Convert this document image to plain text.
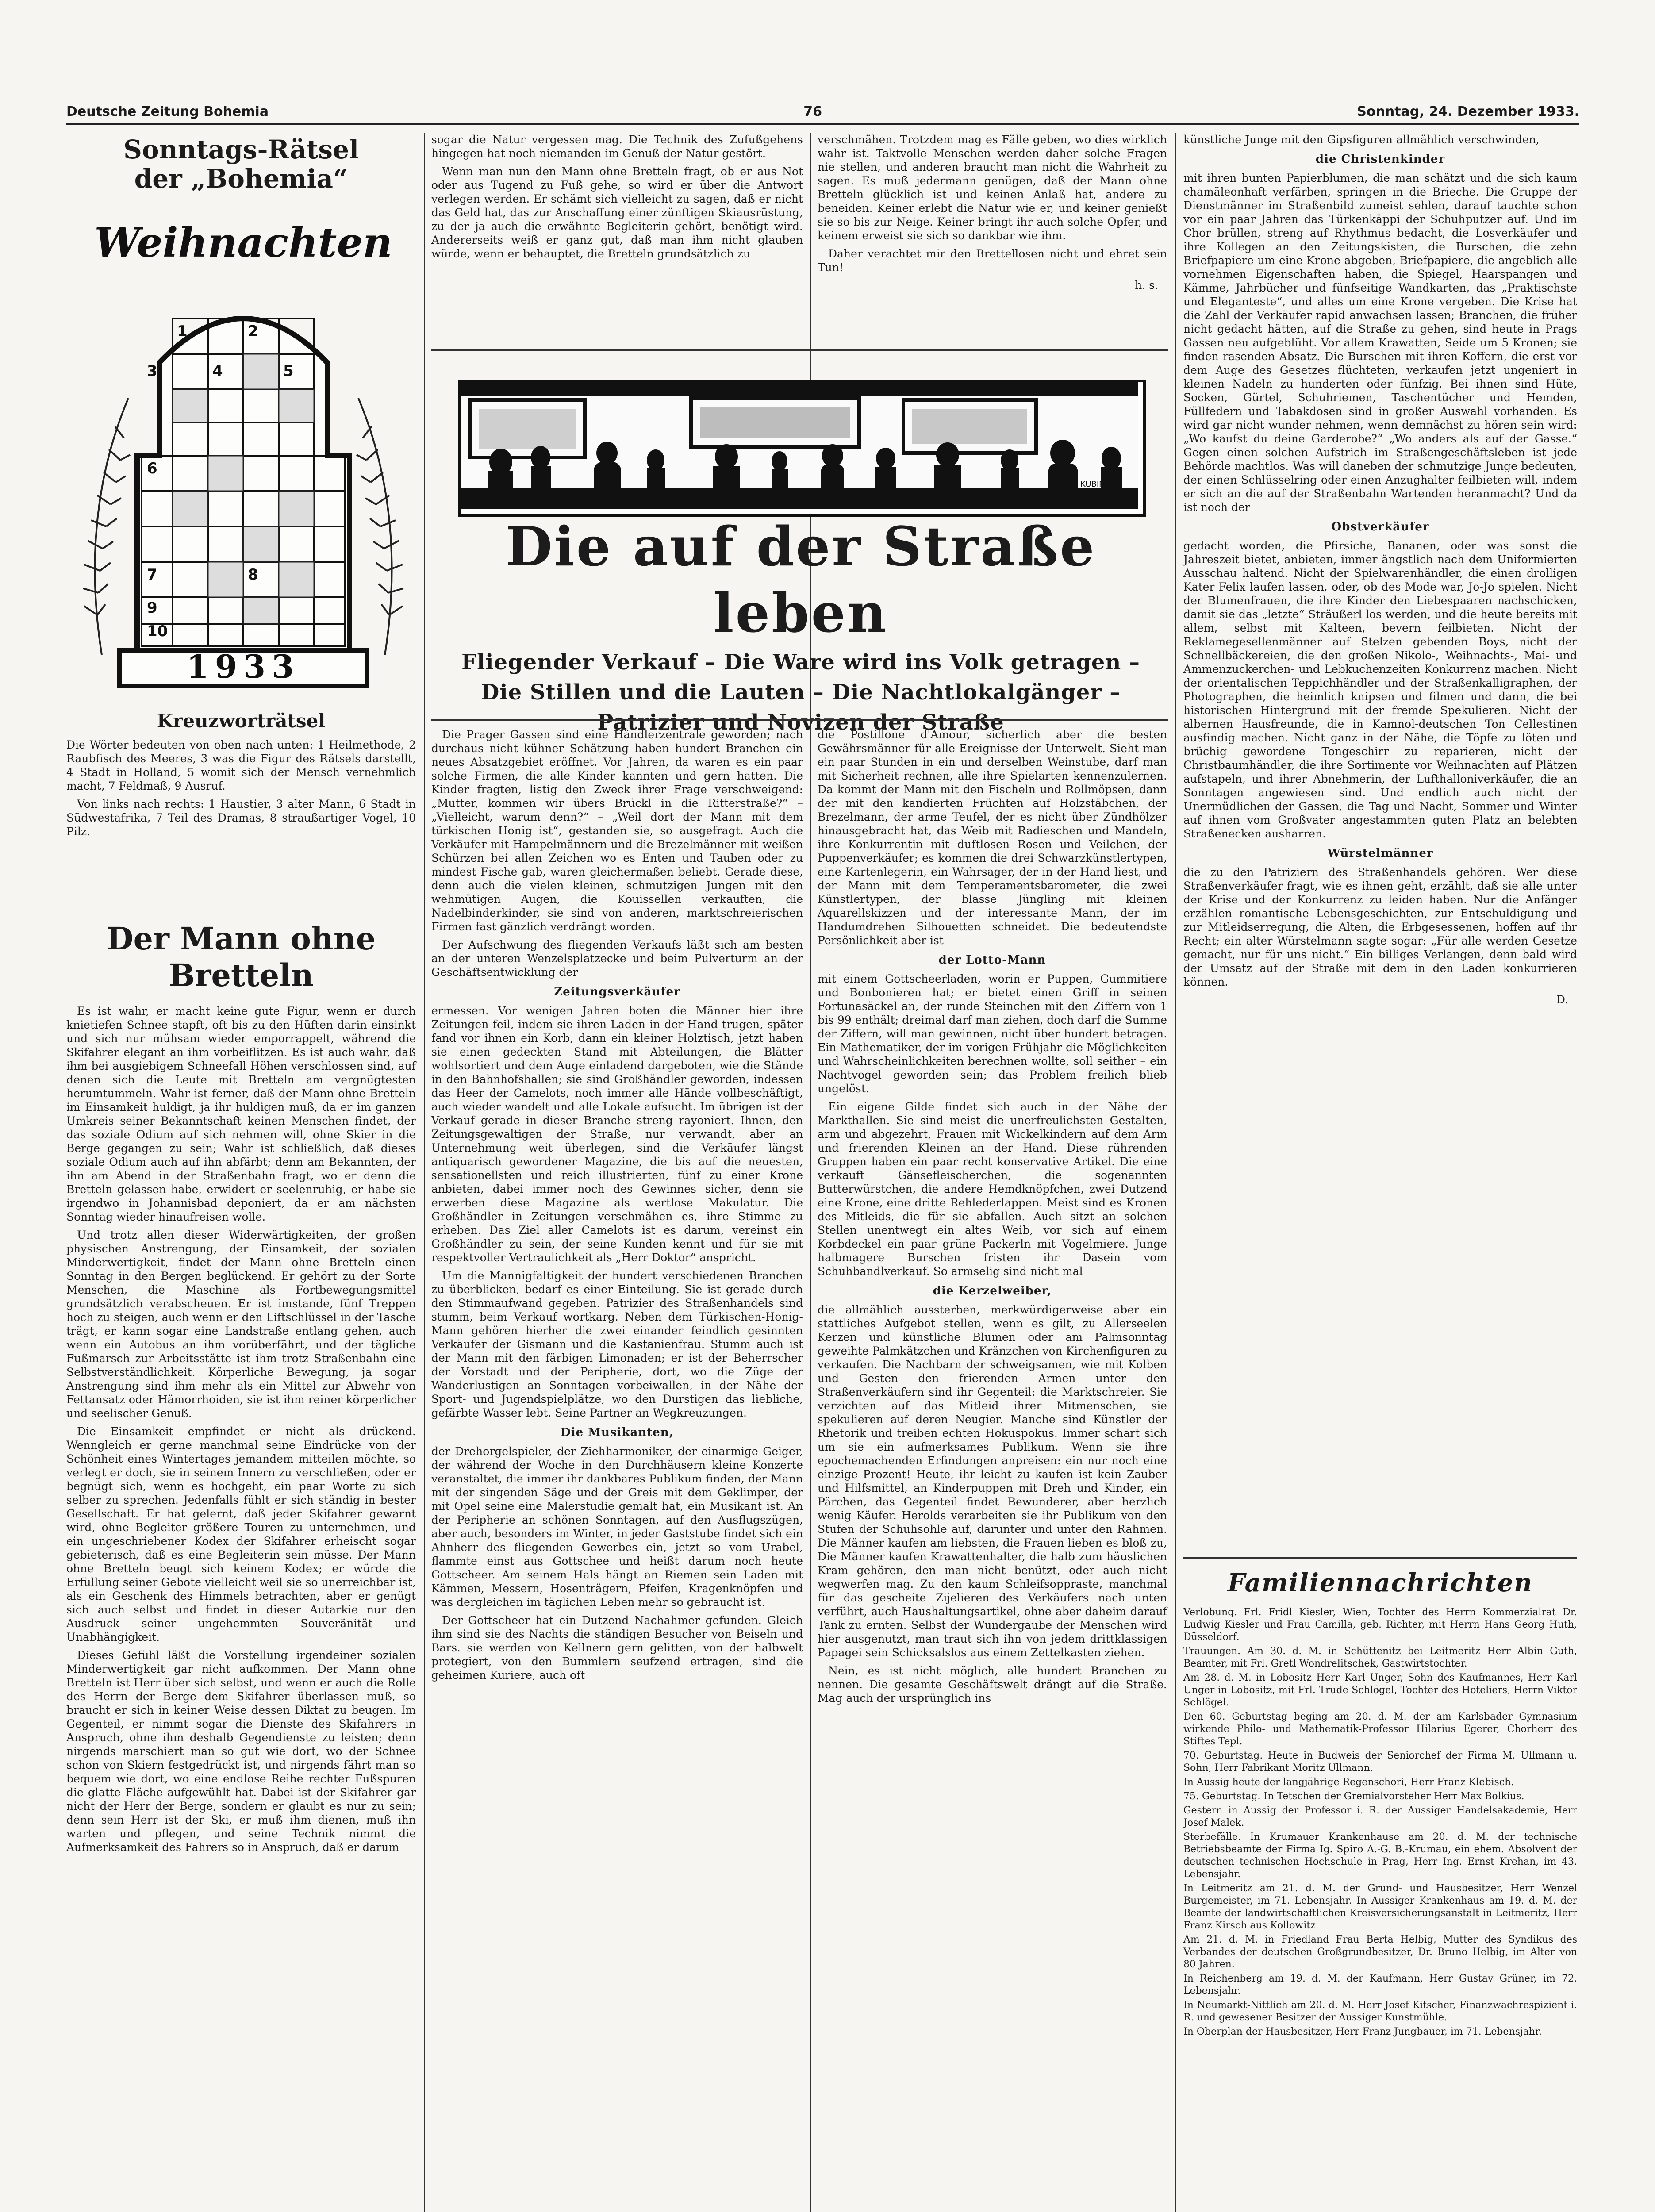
Deutsche Zeitung Bohemia	76	Sonntag, 24. Dezember 1933.

Sonntags-Rätsel

der „Bohemia“

Weihnachten
1	2
3	4	5
6
7	8
9
10
1933

Kreuzworträtsel

Die Wörter bedeuten von oben nach unten: 1 Heilmethode, 2 Raubfisch des Meeres, 3 was die Figur des Rätsels darstellt, 4 Stadt in Holland, 5 womit sich der Mensch vernehmlich macht, 7 Feldmaß, 9 Ausruf.

Von links nach rechts: 1 Haustier, 3 alter Mann, 6 Stadt in Südwestafrika, 7 Teil des Dramas, 8 straußartiger Vogel, 10 Pilz.

Der Mann ohne Bretteln

Es ist wahr, er macht keine gute Figur, wenn er durch knietiefen Schnee stapft, oft bis zu den Hüften darin einsinkt und sich nur mühsam wieder emporrappelt, während die Skifahrer elegant an ihm vorbeiflitzen. Es ist auch wahr, daß ihm bei ausgiebigem Schneefall Höhen verschlossen sind, auf denen sich die Leute mit Bretteln am vergnügtesten herumtummeln. Wahr ist ferner, daß der Mann ohne Bretteln im Einsamkeit huldigt, ja ihr huldigen muß, da er im ganzen Umkreis seiner Bekanntschaft keinen Menschen findet, der das soziale Odium auf sich nehmen will, ohne Skier in die Berge gegangen zu sein; Wahr ist schließlich, daß dieses soziale Odium auch auf ihn abfärbt; denn am Bekannten, der ihn am Abend in der Straßenbahn fragt, wo er denn die Bretteln gelassen habe, erwidert er seelenruhig, er habe sie irgendwo in Johannisbad deponiert, da er am nächsten Sonntag wieder hinaufreisen wolle.

Und trotz allen dieser Widerwärtigkeiten, der großen physischen Anstrengung, der Einsamkeit, der sozialen Minderwertigkeit, findet der Mann ohne Bretteln einen Sonntag in den Bergen beglückend. Er gehört zu der Sorte Menschen, die Maschine als Fortbewegungsmittel grundsätzlich verabscheuen. Er ist imstande, fünf Treppen hoch zu steigen, auch wenn er den Liftschlüssel in der Tasche trägt, er kann sogar eine Landstraße entlang gehen, auch wenn ein Autobus an ihm vorüberfährt, und der tägliche Fußmarsch zur Arbeitsstätte ist ihm trotz Straßenbahn eine Selbstverständlichkeit. Körperliche Bewegung, ja sogar Anstrengung sind ihm mehr als ein Mittel zur Abwehr von Fettansatz oder Hämorrhoiden, sie ist ihm reiner körperlicher und seelischer Genuß.

Die Einsamkeit empfindet er nicht als drückend. Wenngleich er gerne manchmal seine Eindrücke von der Schönheit eines Wintertages jemandem mitteilen möchte, so verlegt er doch, sie in seinem Innern zu verschließen, oder er begnügt sich, wenn es hochgeht, ein paar Worte zu sich selber zu sprechen. Jedenfalls fühlt er sich ständig in bester Gesellschaft. Er hat gelernt, daß jeder Skifahrer gewarnt wird, ohne Begleiter größere Touren zu unternehmen, und ein ungeschriebener Kodex der Skifahrer erheischt sogar gebieterisch, daß es eine Begleiterin sein müsse. Der Mann ohne Bretteln beugt sich keinem Kodex; er würde die Erfüllung seiner Gebote vielleicht weil sie so unerreichbar ist, als ein Geschenk des Himmels betrachten, aber er genügt sich auch selbst und findet in dieser Autarkie nur den Ausdruck seiner ungehemmten Souveränität und Unabhängigkeit.

Dieses Gefühl läßt die Vorstellung irgendeiner sozialen Minderwertigkeit gar nicht aufkommen. Der Mann ohne Bretteln ist Herr über sich selbst, und wenn er auch die Rolle des Herrn der Berge dem Skifahrer überlassen muß, so braucht er sich in keiner Weise dessen Diktat zu beugen. Im Gegenteil, er nimmt sogar die Dienste des Skifahrers in Anspruch, ohne ihm deshalb Gegendienste zu leisten; denn nirgends marschiert man so gut wie dort, wo der Schnee schon von Skiern festgedrückt ist, und nirgends fährt man so bequem wie dort, wo eine endlose Reihe rechter Fußspuren die glatte Fläche aufgewühlt hat. Dabei ist der Skifahrer gar nicht der Herr der Berge, sondern er glaubt es nur zu sein; denn sein Herr ist der Ski, er muß ihm dienen, muß ihn warten und pflegen, und seine Technik nimmt die Aufmerksamkeit des Fahrers so in Anspruch, daß er darum

sogar die Natur vergessen mag. Die Technik des Zufußgehens hingegen hat noch niemanden im Genuß der Natur gestört.

Wenn man nun den Mann ohne Bretteln fragt, ob er aus Not oder aus Tugend zu Fuß gehe, so wird er über die Antwort verlegen werden. Er schämt sich vielleicht zu sagen, daß er nicht das Geld hat, das zur Anschaffung einer zünftigen Skiausrüstung, zu der ja auch die erwähnte Begleiterin gehört, benötigt wird. Andererseits weiß er ganz gut, daß man ihm nicht glauben würde, wenn er behauptet, die Bretteln grundsätzlich zu

verschmähen. Trotzdem mag es Fälle geben, wo dies wirklich wahr ist. Taktvolle Menschen werden daher solche Fragen nie stellen, und anderen braucht man nicht die Wahrheit zu sagen. Es muß jedermann genügen, daß der Mann ohne Bretteln glücklich ist und keinen Anlaß hat, andere zu beneiden. Keiner erlebt die Natur wie er, und keiner genießt sie so bis zur Neige. Keiner bringt ihr auch solche Opfer, und keinem erweist sie sich so dankbar wie ihm.

Daher verachtet mir den Brettellosen nicht und ehret sein Tun!

h. s.

KUBIN

Die auf der Straße leben

Fliegender Verkauf – Die Ware wird ins Volk getragen –

Die Stillen und die Lauten – Die Nachtlokalgänger –

Patrizier und Novizen der Straße

Die Prager Gassen sind eine Händlerzentrale geworden; nach durchaus nicht kühner Schätzung haben hundert Branchen ein neues Absatzgebiet eröffnet. Vor Jahren, da waren es ein paar solche Firmen, die alle Kinder kannten und gern hatten. Die Kinder fragten, listig den Zweck ihrer Frage verschweigend: „Mutter, kommen wir übers Brückl in die Ritterstraße?“ – „Vielleicht, warum denn?“ – „Weil dort der Mann mit dem türkischen Honig ist“, gestanden sie, so ausgefragt. Auch die Verkäufer mit Hampelmännern und die Brezelmänner mit weißen Schürzen bei allen Zeichen wo es Enten und Tauben oder zu mindest Fische gab, waren gleichermaßen beliebt. Gerade diese, denn auch die vielen kleinen, schmutzigen Jungen mit den wehmütigen Augen, die Kouissellen verkauften, die Nadelbinderkinder, sie sind von anderen, marktschreierischen Firmen fast gänzlich verdrängt worden.

Der Aufschwung des fliegenden Verkaufs läßt sich am besten an der unteren Wenzelsplatzecke und beim Pulverturm an der Geschäftsentwicklung der

Zeitungsverkäufer

ermessen. Vor wenigen Jahren boten die Männer hier ihre Zeitungen feil, indem sie ihren Laden in der Hand trugen, später fand vor ihnen ein Korb, dann ein kleiner Holztisch, jetzt haben sie einen gedeckten Stand mit Abteilungen, die Blätter wohlsortiert und dem Auge einladend dargeboten, wie die Stände in den Bahnhofshallen; sie sind Großhändler geworden, indessen das Heer der Camelots, noch immer alle Hände vollbeschäftigt, auch wieder wandelt und alle Lokale aufsucht. Im übrigen ist der Verkauf gerade in dieser Branche streng rayoniert. Ihnen, den Zeitungsgewaltigen der Straße, nur verwandt, aber an Unternehmung weit überlegen, sind die Verkäufer längst antiquarisch gewordener Magazine, die bis auf die neuesten, sensationellsten und reich illustrierten, fünf zu einer Krone anbieten, dabei immer noch des Gewinnes sicher, denn sie erwerben diese Magazine als wertlose Makulatur. Die Großhändler in Zeitungen verschmähen es, ihre Stimme zu erheben. Das Ziel aller Camelots ist es darum, vereinst ein Großhändler zu sein, der seine Kunden kennt und für sie mit respektvoller Vertraulichkeit als „Herr Doktor“ anspricht.

Um die Mannigfaltigkeit der hundert verschiedenen Branchen zu überblicken, bedarf es einer Einteilung. Sie ist gerade durch den Stimmaufwand gegeben. Patrizier des Straßenhandels sind stumm, beim Verkauf wortkarg. Neben dem Türkischen-Honig-Mann gehören hierher die zwei einander feindlich gesinnten Verkäufer der Gismann und die Kastanienfrau. Stumm auch ist der Mann mit den färbigen Limonaden; er ist der Beherrscher der Vorstadt und der Peripherie, dort, wo die Züge der Wanderlustigen an Sonntagen vorbeiwallen, in der Nähe der Sport- und Jugendspielplätze, wo den Durstigen das liebliche, gefärbte Wasser lebt. Seine Partner an Wegkreuzungen.

Die Musikanten,

der Drehorgelspieler, der Ziehharmoniker, der einarmige Geiger, der während der Woche in den Durchhäusern kleine Konzerte veranstaltet, die immer ihr dankbares Publikum finden, der Mann mit der singenden Säge und der Greis mit dem Geklimper, der mit Opel seine eine Malerstudie gemalt hat, ein Musikant ist. An der Peripherie an schönen Sonntagen, auf den Ausflugszügen, aber auch, besonders im Winter, in jeder Gaststube findet sich ein Ahnherr des fliegenden Gewerbes ein, jetzt so vom Urabel, flammte einst aus Gottschee und heißt darum noch heute Gottscheer. Am seinem Hals hängt an Riemen sein Laden mit Kämmen, Messern, Hosenträgern, Pfeifen, Kragenknöpfen und was dergleichen im täglichen Leben mehr so gebraucht ist.

Der Gottscheer hat ein Dutzend Nachahmer gefunden. Gleich ihm sind sie des Nachts die ständigen Besucher von Beiseln und Bars. sie werden von Kellnern gern gelitten, von der halbwelt protegiert, von den Bummlern seufzend ertragen, sind die geheimen Kuriere, auch oft

die Postillone d'Amour, sicherlich aber die besten Gewährsmänner für alle Ereignisse der Unterwelt. Sieht man ein paar Stunden in ein und derselben Weinstube, darf man mit Sicherheit rechnen, alle ihre Spielarten kennenzulernen. Da kommt der Mann mit den Fischeln und Rollmöpsen, dann der mit den kandierten Früchten auf Holzstäbchen, der Brezelmann, der arme Teufel, der es nicht über Zündhölzer hinausgebracht hat, das Weib mit Radieschen und Mandeln, ihre Konkurrentin mit duftlosen Rosen und Veilchen, der Puppenverkäufer; es kommen die drei Schwarzkünstlertypen, eine Kartenlegerin, ein Wahrsager, der in der Hand liest, und der Mann mit dem Temperamentsbarometer, die zwei Künstlertypen, der blasse Jüngling mit kleinen Aquarellskizzen und der interessante Mann, der im Handumdrehen Silhouetten schneidet. Die bedeutendste Persönlichkeit aber ist

der Lotto-Mann

mit einem Gottscheerladen, worin er Puppen, Gummitiere und Bonbonieren hat; er bietet einen Griff in seinen Fortunasäckel an, der runde Steinchen mit den Ziffern von 1 bis 99 enthält; dreimal darf man ziehen, doch darf die Summe der Ziffern, will man gewinnen, nicht über hundert betragen. Ein Mathematiker, der im vorigen Frühjahr die Möglichkeiten und Wahrscheinlichkeiten berechnen wollte, soll seither – ein Nachtvogel geworden sein; das Problem freilich blieb ungelöst.

Ein eigene Gilde findet sich auch in der Nähe der Markthallen. Sie sind meist die unerfreulichsten Gestalten, arm und abgezehrt, Frauen mit Wickelkindern auf dem Arm und frierenden Kleinen an der Hand. Diese rührenden Gruppen haben ein paar recht konservative Artikel. Die eine verkauft Gänsefleischerchen, die sogenannten Butterwürstchen, die andere Hemdknöpfchen, zwei Dutzend eine Krone, eine dritte Rehlederlappen. Meist sind es Kronen des Mitleids, die für sie abfallen. Auch sitzt an solchen Stellen unentwegt ein altes Weib, vor sich auf einem Korbdeckel ein paar grüne Packerln mit Vogelmiere. Junge halbmagere Burschen fristen ihr Dasein vom Schuhbandlverkauf. So armselig sind nicht mal

die Kerzelweiber,

die allmählich aussterben, merkwürdigerweise aber ein stattliches Aufgebot stellen, wenn es gilt, zu Allerseelen Kerzen und künstliche Blumen oder am Palmsonntag geweihte Palmkätzchen und Kränzchen von Kirchenfiguren zu verkaufen. Die Nachbarn der schweigsamen, wie mit Kolben und Gesten den frierenden Armen unter den Straßenverkäufern sind ihr Gegenteil: die Marktschreier. Sie verzichten auf das Mitleid ihrer Mitmenschen, sie spekulieren auf deren Neugier. Manche sind Künstler der Rhetorik und treiben echten Hokuspokus. Immer schart sich um sie ein aufmerksames Publikum. Wenn sie ihre epochemachenden Erfindungen anpreisen: ein nur noch eine einzige Prozent! Heute, ihr leicht zu kaufen ist kein Zauber und Hilfsmittel, an Kinderpuppen mit Dreh und Kinder, ein Pärchen, das Gegenteil findet Bewunderer, aber herzlich wenig Käufer. Herolds verarbeiten sie ihr Publikum von den Stufen der Schuhsohle auf, darunter und unter den Rahmen. Die Männer kaufen am liebsten, die Frauen lieben es bloß zu, Die Männer kaufen Krawattenhalter, die halb zum häuslichen Kram gehören, den man nicht benützt, oder auch nicht wegwerfen mag. Zu den kaum Schleifsoppraste, manchmal für das gescheite Zijelieren des Verkäufers nach unten verführt, auch Haushaltungsartikel, ohne aber daheim darauf Tank zu ernten. Selbst der Wundergaube der Menschen wird hier ausgenutzt, man traut sich ihn von jedem drittklassigen Papagei sein Schicksalslos aus einem Zettelkasten ziehen.

Nein, es ist nicht möglich, alle hundert Branchen zu nennen. Die gesamte Geschäftswelt drängt auf die Straße. Mag auch der ursprünglich ins

künstliche Junge mit den Gipsfiguren allmählich verschwinden,

die Christenkinder

mit ihren bunten Papierblumen, die man schätzt und die sich kaum chamäleonhaft verfärben, springen in die Brieche. Die Gruppe der Dienstmänner im Straßenbild zumeist sehlen, darauf tauchte schon vor ein paar Jahren das Türkenkäppi der Schuhputzer auf. Und im Chor brüllen, streng auf Rhythmus bedacht, die Losverkäufer und ihre Kollegen an den Zeitungskisten, die Burschen, die zehn Briefpapiere um eine Krone abgeben, Briefpapiere, die angeblich alle vornehmen Eigenschaften haben, die Spiegel, Haarspangen und Kämme, Jahrbücher und fünfseitige Wandkarten, das „Praktischste und Eleganteste“, und alles um eine Krone vergeben. Die Krise hat die Zahl der Verkäufer rapid anwachsen lassen; Branchen, die früher nicht gedacht hätten, auf die Straße zu gehen, sind heute in Prags Gassen neu aufgeblüht. Vor allem Krawatten, Seide um 5 Kronen; sie finden rasenden Absatz. Die Burschen mit ihren Koffern, die erst vor dem Auge des Gesetzes flüchteten, verkaufen jetzt ungeniert in kleinen Nadeln zu hunderten oder fünfzig. Bei ihnen sind Hüte, Socken, Gürtel, Schuhriemen, Taschentücher und Hemden, Füllfedern und Tabakdosen sind in großer Auswahl vorhanden. Es wird gar nicht wunder nehmen, wenn demnächst zu hören sein wird: „Wo kaufst du deine Garderobe?“ „Wo anders als auf der Gasse.“ Gegen einen solchen Aufstrich im Straßengeschäftsleben ist jede Behörde machtlos. Was will daneben der schmutzige Junge bedeuten, der einen Schlüsselring oder einen Anzughalter feilbieten will, indem er sich an die auf der Straßenbahn Wartenden heranmacht? Und da ist noch der

Obstverkäufer

gedacht worden, die Pfirsiche, Bananen, oder was sonst die Jahreszeit bietet, anbieten, immer ängstlich nach dem Uniformierten Ausschau haltend. Nicht der Spielwarenhändler, die einen drolligen Kater Felix laufen lassen, oder, ob des Mode war, Jo-Jo spielen. Nicht der Blumenfrauen, die ihre Kinder den Liebespaaren nachschicken, damit sie das „letzte“ Sträußerl los werden, und die heute bereits mit allem, selbst mit Kalteen, bevern feilbieten. Nicht der Reklamegesellenmänner auf Stelzen gebenden Boys, nicht der Schnellbäckereien, die den großen Nikolo-, Weihnachts-, Mai- und Ammenzuckerchen- und Lebkuchenzeiten Konkurrenz machen. Nicht der orientalischen Teppichhändler und der Straßenkalligraphen, der Photographen, die heimlich knipsen und filmen und dann, die bei historischen Hintergrund mit der fremde Spekulieren. Nicht der albernen Hausfreunde, die in Kamnol-deutschen Ton Cellestinen ausfindig machen. Nicht ganz in der Nähe, die Töpfe zu löten und brüchig gewordene Tongeschirr zu reparieren, nicht der Christbaumhändler, die ihre Sortimente vor Weihnachten auf Plätzen aufstapeln, und ihrer Abnehmerin, der Lufthalloniverkäufer, die an Sonntagen angewiesen sind. Und endlich auch nicht der Unermüdlichen der Gassen, die Tag und Nacht, Sommer und Winter auf ihnen vom Großvater angestammten guten Platz an belebten Straßenecken ausharren.

Würstelmänner

die zu den Patriziern des Straßenhandels gehören. Wer diese Straßenverkäufer fragt, wie es ihnen geht, erzählt, daß sie alle unter der Krise und der Konkurrenz zu leiden haben. Nur die Anfänger erzählen romantische Lebensgeschichten, zur Entschuldigung und zur Mitleidserregung, die Alten, die Erbgesessenen, hoffen auf ihr Recht; ein alter Würstelmann sagte sogar: „Für alle werden Gesetze gemacht, nur für uns nicht.“ Ein billiges Verlangen, denn bald wird der Umsatz auf der Straße mit dem in den Laden konkurrieren können.

D.

Familiennachrichten

Verlobung. Frl. Fridl Kiesler, Wien, Tochter des Herrn Kommerzialrat Dr. Ludwig Kiesler und Frau Camilla, geb. Richter, mit Herrn Hans Georg Huth, Düsseldorf.

Trauungen. Am 30. d. M. in Schüttenitz bei Leitmeritz Herr Albin Guth, Beamter, mit Frl. Gretl Wondrelitschek, Gastwirtstochter.

Am 28. d. M. in Lobositz Herr Karl Unger, Sohn des Kaufmannes, Herr Karl Unger in Lobositz, mit Frl. Trude Schlögel, Tochter des Hoteliers, Herrn Viktor Schlögel.

Den 60. Geburtstag beging am 20. d. M. der am Karlsbader Gymnasium wirkende Philo- und Mathematik-Professor Hilarius Egerer, Chorherr des Stiftes Tepl.

70. Geburtstag. Heute in Budweis der Seniorchef der Firma M. Ullmann u. Sohn, Herr Fabrikant Moritz Ullmann.

In Aussig heute der langjährige Regenschori, Herr Franz Klebisch.

75. Geburtstag. In Tetschen der Gremialvorsteher Herr Max Bolkius.

Gestern in Aussig der Professor i. R. der Aussiger Handelsakademie, Herr Josef Malek.

Sterbefälle. In Krumauer Krankenhause am 20. d. M. der technische Betriebsbeamte der Firma Ig. Spiro A.-G. B.-Krumau, ein ehem. Absolvent der deutschen technischen Hochschule in Prag, Herr Ing. Ernst Krehan, im 43. Lebensjahr.

In Leitmeritz am 21. d. M. der Grund- und Hausbesitzer, Herr Wenzel Burgemeister, im 71. Lebensjahr. In Aussiger Krankenhaus am 19. d. M. der Beamte der landwirtschaftlichen Kreisversicherungsanstalt in Leitmeritz, Herr Franz Kirsch aus Kollowitz.

Am 21. d. M. in Friedland Frau Berta Helbig, Mutter des Syndikus des Verbandes der deutschen Großgrundbesitzer, Dr. Bruno Helbig, im Alter von 80 Jahren.

In Reichenberg am 19. d. M. der Kaufmann, Herr Gustav Grüner, im 72. Lebensjahr.

In Neumarkt-Nittlich am 20. d. M. Herr Josef Kitscher, Finanzwachrespizient i. R. und gewesener Besitzer der Aussiger Kunstmühle.

In Oberplan der Hausbesitzer, Herr Franz Jungbauer, im 71. Lebensjahr.
